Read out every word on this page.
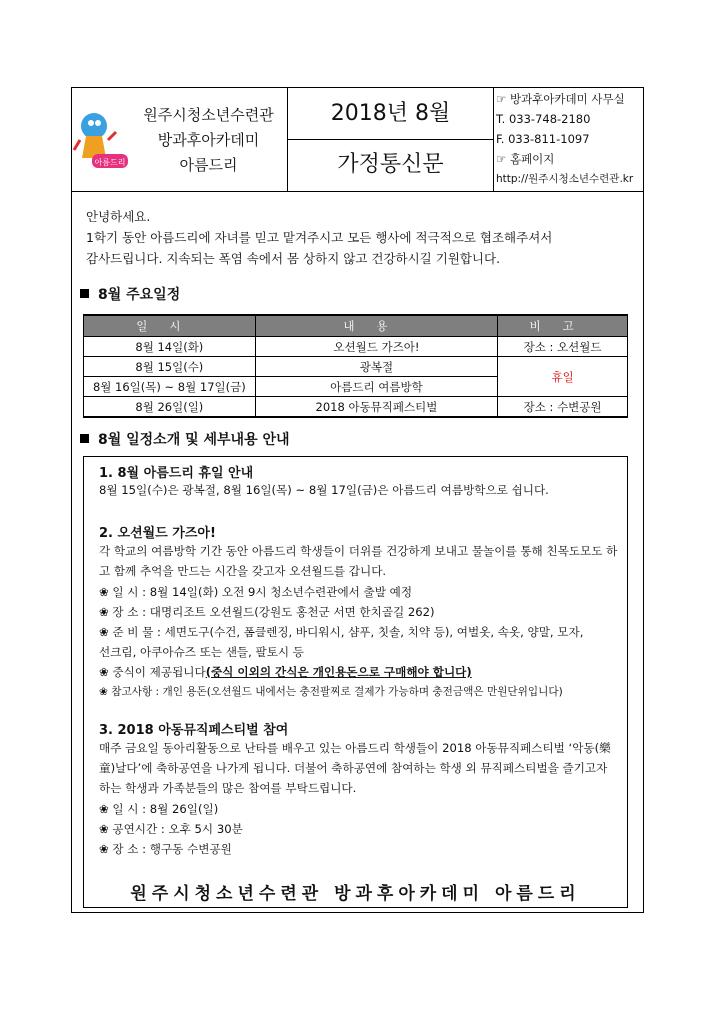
아름드리
원주시청소년수련관
방과후아카데미
아름드리
2018년 8월
가정통신문
☞ 방과후아카데미 사무실
T. 033-748-2180
F. 033-811-1097
☞ 홈페이지
http://원주시청소년수련관.kr
안녕하세요.
1학기 동안 아름드리에 자녀를 믿고 맡겨주시고 모든 행사에 적극적으로 협조해주셔서
감사드립니다. 지속되는 폭염 속에서 몸 상하지 않고 건강하시길 기원합니다.
8월 주요일정
일시	내용	비고
8월 14일(화)	오션월드 가즈아!	장소 : 오션월드
8월 15일(수)	광복절	휴일
8월 16일(목) ~ 8월 17일(금)	아름드리 여름방학	
8월 26일(일)	2018 아동뮤직페스티벌	장소 : 수변공원
8월 일정소개 및 세부내용 안내
1. 8월 아름드리 휴일 안내
8월 15일(수)은 광복절, 8월 16일(목) ~ 8월 17일(금)은 아름드리 여름방학으로 쉽니다.
2. 오션월드 가즈아!
각 학교의 여름방학 기간 동안 아름드리 학생들이 더위를 건강하게 보내고 물놀이를 통해 친목도모도 하고 함께 추억을 만드는 시간을 갖고자 오션월드를 갑니다.
❀ 일 시 : 8월 14일(화) 오전 9시 청소년수련관에서 출발 예정
❀ 장 소 : 대명리조트 오션월드(강원도 홍천군 서면 한치골길 262)
❀ 준 비 물 : 세면도구(수건, 폼클렌징, 바디워시, 샴푸, 칫솔, 치약 등), 여벌옷, 속옷, 양말, 모자,
선크림, 아쿠아슈즈 또는 샌들, 팔토시 등
❀ 중식이 제공됩니다(중식 이외의 간식은 개인용돈으로 구매해야 합니다)
❀ 참고사항 : 개인 용돈(오션월드 내에서는 충전팔찌로 결제가 가능하며 충전금액은 만원단위입니다)
3. 2018 아동뮤직페스티벌 참여
매주 금요일 동아리활동으로 난타를 배우고 있는 아름드리 학생들이 2018 아동뮤직페스티벌 ‘악동(樂童)날다’에 축하공연을 나가게 됩니다. 더불어 축하공연에 참여하는 학생 외 뮤직페스티벌을 즐기고자 하는 학생과 가족분들의 많은 참여를 부탁드립니다.
❀ 일 시 : 8월 26일(일)
❀ 공연시간 : 오후 5시 30분
❀ 장 소 : 행구동 수변공원
원주시청소년수련관 방과후아카데미 아름드리
